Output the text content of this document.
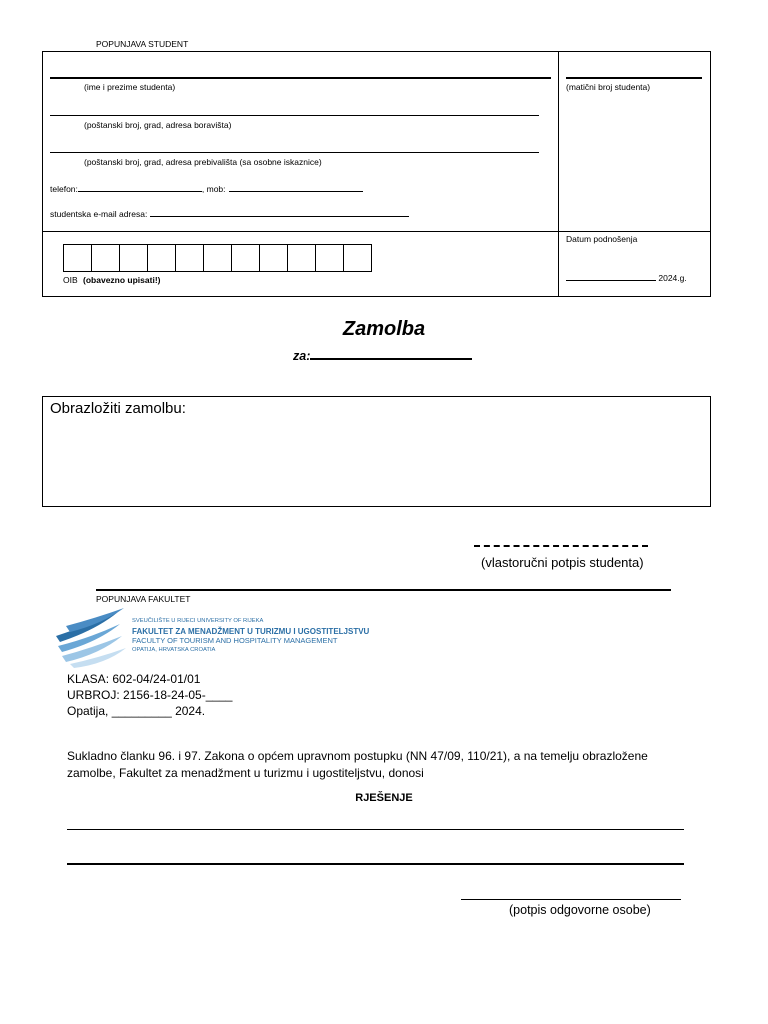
POPUNJAVA STUDENT
(ime i prezime studenta)	(matični broj studenta)
(poštanski broj, grad, adresa boravišta)
(poštanski broj, grad, adresa prebivališta (sa osobne iskaznice)
telefon:	, mob:
studentska e-mail adresa:
OIB (obavezno upisati!)
Datum podnošenja
2024.g.
Zamolba
za:
Obrazložiti zamolbu:
(vlastoručni potpis studenta)
POPUNJAVA FAKULTET
SVEUČILIŠTE U RIJECI UNIVERSITY OF RIJEKA
FAKULTET ZA MENADŽMENT U TURIZMU I UGOSTITELJSTVU
FACULTY OF TOURISM AND HOSPITALITY MANAGEMENT
OPATIJA, HRVATSKA CROATIA
KLASA: 602-04/24-01/01
URBROJ: 2156-18-24-05-____
Opatija, _________ 2024.
Sukladno članku 96. i 97. Zakona o općem upravnom postupku (NN 47/09, 110/21), a na temelju obrazložene
zamolbe, Fakultet za menadžment u turizmu i ugostiteljstvu, donosi
RJEŠENJE
(potpis odgovorne osobe)
